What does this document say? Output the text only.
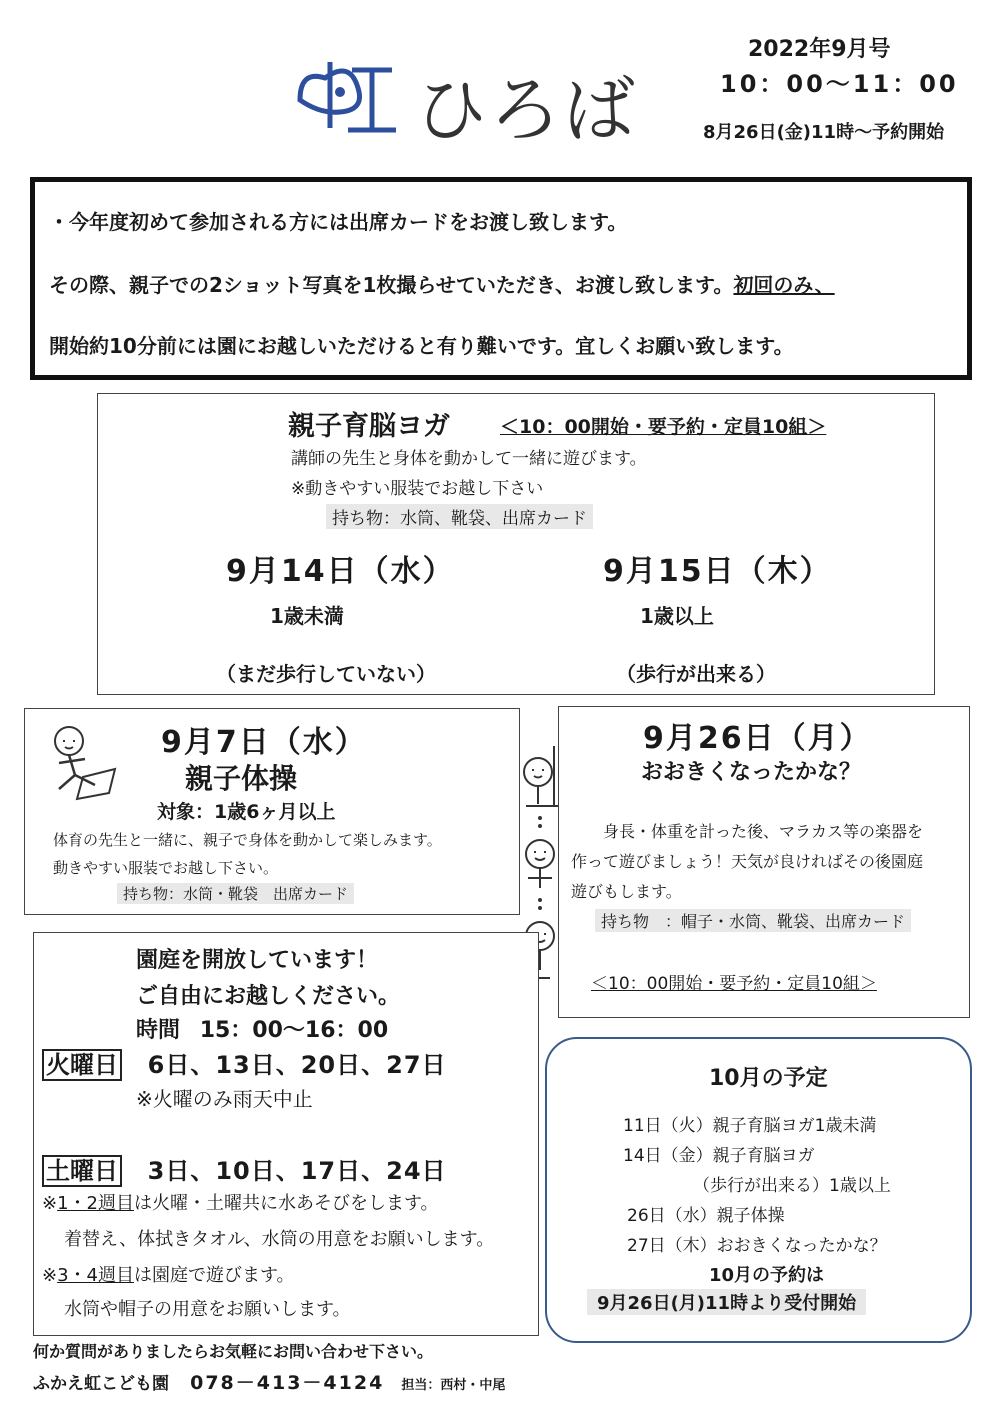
ひろば
2022年9月号
10：00～11：00
8月26日(金)11時～予約開始
・今年度初めて参加される方には出席カードをお渡し致します。
その際、親子での2ショット写真を1枚撮らせていただき、お渡し致します。初回のみ、
開始約10分前には園にお越しいただけると有り難いです。宜しくお願い致します。
親子育脳ヨガ	＜10：00開始・要予約・定員10組＞
講師の先生と身体を動かして一緒に遊びます。
※動きやすい服装でお越し下さい
持ち物：水筒、靴袋、出席カード
9月14日（水）
1歳未満
（まだ歩行していない）
9月15日（木）
1歳以上
（歩行が出来る）
9月7日（水）
親子体操
対象：1歳6ヶ月以上
体育の先生と一緒に、親子で身体を動かして楽しみます。
動きやすい服装でお越し下さい。
持ち物：水筒・靴袋　出席カード
9月26日（月）
おおきくなったかな？
身長・体重を計った後、マラカス等の楽器を
作って遊びましょう！天気が良ければその後園庭
遊びもします。
持ち物　：帽子・水筒、靴袋、出席カード
＜10：00開始・要予約・定員10組＞
園庭を開放しています！
ご自由にお越しください。
時間 15：00～16：00
火曜日 6日、13日、20日、27日
※火曜のみ雨天中止
土曜日 3日、10日、17日、24日
※1・2週目は火曜・土曜共に水あそびをします。
着替え、体拭きタオル、水筒の用意をお願いします。
※3・4週目は園庭で遊びます。
水筒や帽子の用意をお願いします。
10月の予定
11日（火）親子育脳ヨガ1歳未満
14日（金）親子育脳ヨガ
（歩行が出来る）1歳以上
26日（水）親子体操
27日（木）おおきくなったかな？
10月の予約は
9月26日(月)11時より受付開始
何か質問がありましたらお気軽にお問い合わせ下さい。
ふかえ虹こども園 078－413－4124 担当：西村・中尾
